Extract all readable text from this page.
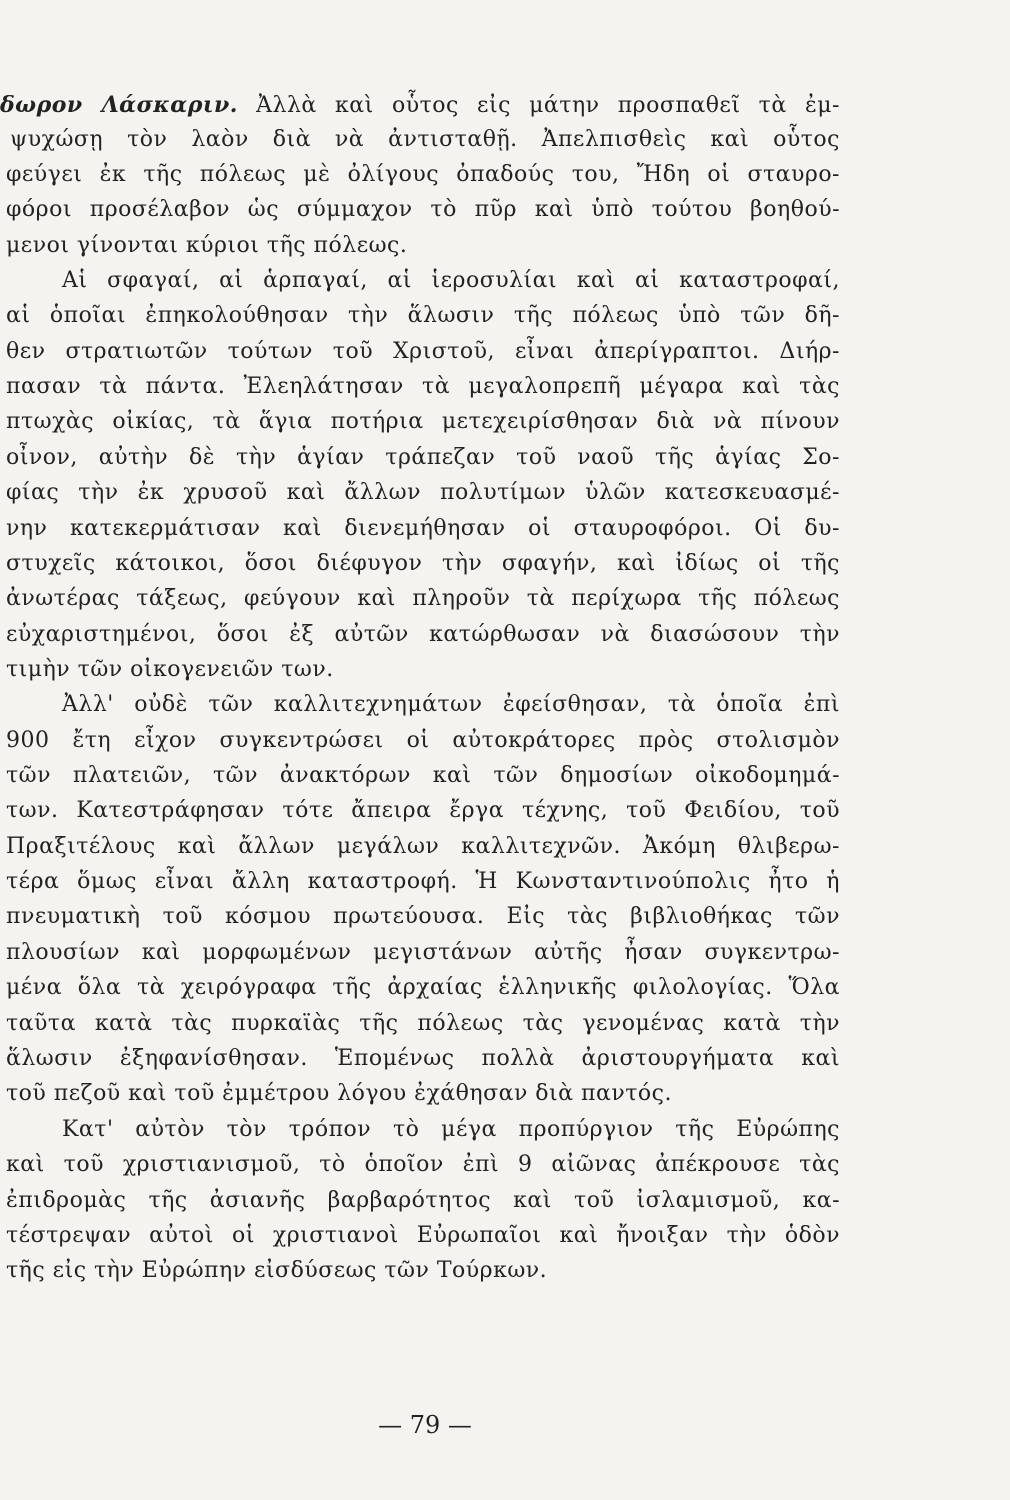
δωρον Λάσκαριν. Ἀλλὰ καὶ οὗτος εἰς μάτην προσπαθεῖ τὰ ἐμ-
ψυχώσῃ τὸν λαὸν διὰ νὰ ἀντισταθῇ. Ἀπελπισθεὶς καὶ οὗτος
φεύγει ἐκ τῆς πόλεως μὲ ὀλίγους ὀπαδούς του, Ἤδη οἱ σταυρο-
φόροι προσέλαβον ὡς σύμμαχον τὸ πῦρ καὶ ὑπὸ τούτου βοηθού-
μενοι γίνονται κύριοι τῆς πόλεως.
Αἱ σφαγαί, αἱ ἁρπαγαί, αἱ ἱεροσυλίαι καὶ αἱ καταστροφαί,
αἱ ὁποῖαι ἐπηκολούθησαν τὴν ἅλωσιν τῆς πόλεως ὑπὸ τῶν δῆ-
θεν στρατιωτῶν τούτων τοῦ Χριστοῦ, εἶναι ἀπερίγραπτοι. Διήρ-
πασαν τὰ πάντα. Ἐλεηλάτησαν τὰ μεγαλοπρεπῆ μέγαρα καὶ τὰς
πτωχὰς οἰκίας, τὰ ἅγια ποτήρια μετεχειρίσθησαν διὰ νὰ πίνουν
οἶνον, αὐτὴν δὲ τὴν ἁγίαν τράπεζαν τοῦ ναοῦ τῆς ἁγίας Σο-
φίας τὴν ἐκ χρυσοῦ καὶ ἄλλων πολυτίμων ὑλῶν κατεσκευασμέ-
νην κατεκερμάτισαν καὶ διενεμήθησαν οἱ σταυροφόροι. Οἱ δυ-
στυχεῖς κάτοικοι, ὅσοι διέφυγον τὴν σφαγήν, καὶ ἰδίως οἱ τῆς
ἀνωτέρας τάξεως, φεύγουν καὶ πληροῦν τὰ περίχωρα τῆς πόλεως
εὐχαριστημένοι, ὅσοι ἐξ αὐτῶν κατώρθωσαν νὰ διασώσουν τὴν
τιμὴν τῶν οἰκογενειῶν των.
Ἀλλ' οὐδὲ τῶν καλλιτεχνημάτων ἐφείσθησαν, τὰ ὁποῖα ἐπὶ
900 ἔτη εἶχον συγκεντρώσει οἱ αὐτοκράτορες πρὸς στολισμὸν
τῶν πλατειῶν, τῶν ἀνακτόρων καὶ τῶν δημοσίων οἰκοδομημά-
των. Κατεστράφησαν τότε ἄπειρα ἔργα τέχνης, τοῦ Φειδίου, τοῦ
Πραξιτέλους καὶ ἄλλων μεγάλων καλλιτεχνῶν. Ἀκόμη θλιβερω-
τέρα ὅμως εἶναι ἄλλη καταστροφή. Ἡ Κωνσταντινούπολις ἦτο ἡ
πνευματικὴ τοῦ κόσμου πρωτεύουσα. Εἰς τὰς βιβλιοθήκας τῶν
πλουσίων καὶ μορφωμένων μεγιστάνων αὐτῆς ἦσαν συγκεντρω-
μένα ὅλα τὰ χειρόγραφα τῆς ἀρχαίας ἑλληνικῆς φιλολογίας. Ὅλα
ταῦτα κατὰ τὰς πυρκαϊὰς τῆς πόλεως τὰς γενομένας κατὰ τὴν
ἅλωσιν ἐξηφανίσθησαν. Ἑπομένως πολλὰ ἀριστουργήματα καὶ
τοῦ πεζοῦ καὶ τοῦ ἐμμέτρου λόγου ἐχάθησαν διὰ παντός.
Κατ' αὐτὸν τὸν τρόπον τὸ μέγα προπύργιον τῆς Εὐρώπης
καὶ τοῦ χριστιανισμοῦ, τὸ ὁποῖον ἐπὶ 9 αἰῶνας ἀπέκρουσε τὰς
ἐπιδρομὰς τῆς ἀσιανῆς βαρβαρότητος καὶ τοῦ ἰσλαμισμοῦ, κα-
τέστρεψαν αὐτοὶ οἱ χριστιανοὶ Εὐρωπαῖοι καὶ ἤνοιξαν τὴν ὁδὸν
τῆς εἰς τὴν Εὐρώπην εἰσδύσεως τῶν Τούρκων.
— 79 —
